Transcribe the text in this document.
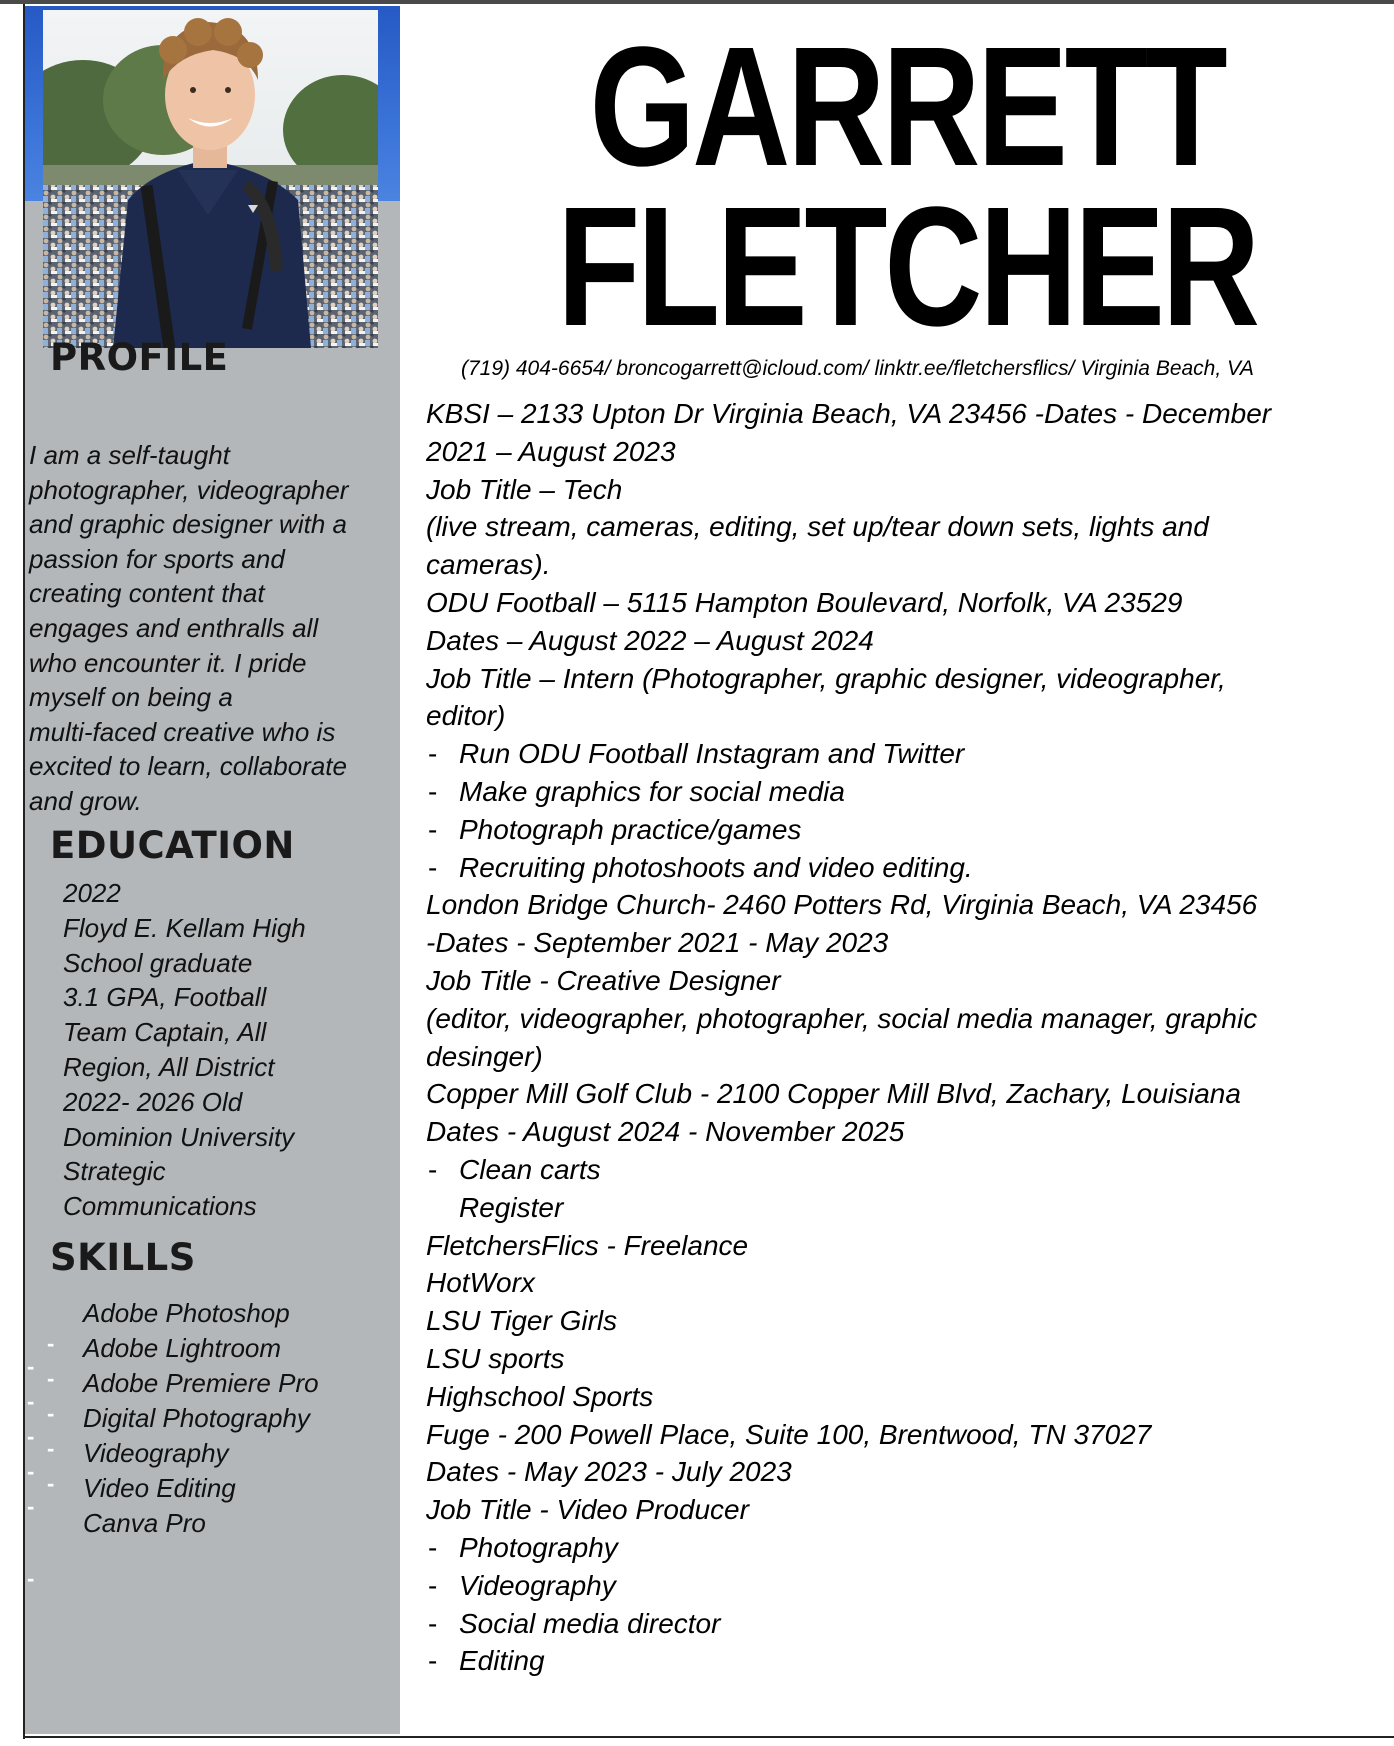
PROFILE
I am a self-taught
photographer, videographer
and graphic designer with a
passion for sports and
creating content that
engages and enthralls all
who encounter it. I pride
myself on being a
multi-faced creative who is
excited to learn, collaborate
and grow.
EDUCATION
2022
Floyd E. Kellam High
School graduate
3.1 GPA, Football
Team Captain, All
Region, All District
2022- 2026 Old
Dominion University
Strategic
Communications
SKILLS
-
-
-
-
-
-
-
-
-
-
-
Adobe Photoshop
Adobe Lightroom
Adobe Premiere Pro
Digital Photography
Videography
Video Editing
Canva Pro
GARRETT
FLETCHER
(719) 404-6654/ broncogarrett@icloud.com/ linktr.ee/fletchersflics/ Virginia Beach, VA
KBSI – 2133 Upton Dr Virginia Beach, VA 23456 -Dates - December
2021 – August 2023
Job Title – Tech
(live stream, cameras, editing, set up/tear down sets, lights and
cameras).
ODU Football – 5115 Hampton Boulevard, Norfolk, VA 23529
Dates – August 2022 – August 2024
Job Title – Intern (Photographer, graphic designer, videographer,
editor)
- Run ODU Football Instagram and Twitter
- Make graphics for social media
- Photograph practice/games
- Recruiting photoshoots and video editing.
London Bridge Church- 2460 Potters Rd, Virginia Beach, VA 23456
-Dates - September 2021 - May 2023
Job Title - Creative Designer
(editor, videographer, photographer, social media manager, graphic
desinger)
Copper Mill Golf Club - 2100 Copper Mill Blvd, Zachary, Louisiana
Dates - August 2024 - November 2025
- Clean carts
Register
FletchersFlics - Freelance
HotWorx
LSU Tiger Girls
LSU sports
Highschool Sports
Fuge - 200 Powell Place, Suite 100, Brentwood, TN 37027
Dates - May 2023 - July 2023
Job Title - Video Producer
- Photography
- Videography
- Social media director
- Editing
